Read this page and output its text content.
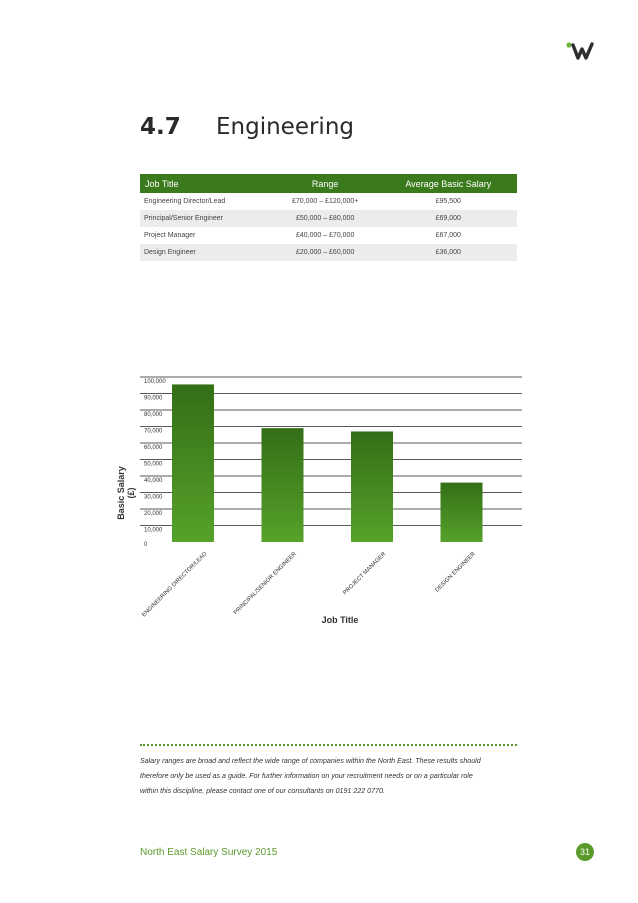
4.7 Engineering
Job Title	Range	Average Basic Salary
Engineering Director/Lead	£70,000 – £120,000+	£95,500
Principal/Senior Engineer	£50,000 – £80,000	£69,000
Project Manager	£40,000 – £70,000	£67,000
Design Engineer	£20,000 – £60,000	£36,000
0
10,000
20,000
30,000
40,000
50,000
60,000
70,000
80,000
90,000
100,000
ENGINEERING DIRECTOR/LEAD	PRINCIPAL/SENIOR ENGINEER	PROJECT MANAGER	DESIGN ENGINEER
Basic Salary (£)
Job Title

Salary ranges are broad and reflect the wide range of companies within the North East. These results should

therefore only be used as a guide. For further information on your recruitment needs or on a particular role

within this discipline, please contact one of our consultants on 0191 222 0770.

North East Salary Survey 2015	31
